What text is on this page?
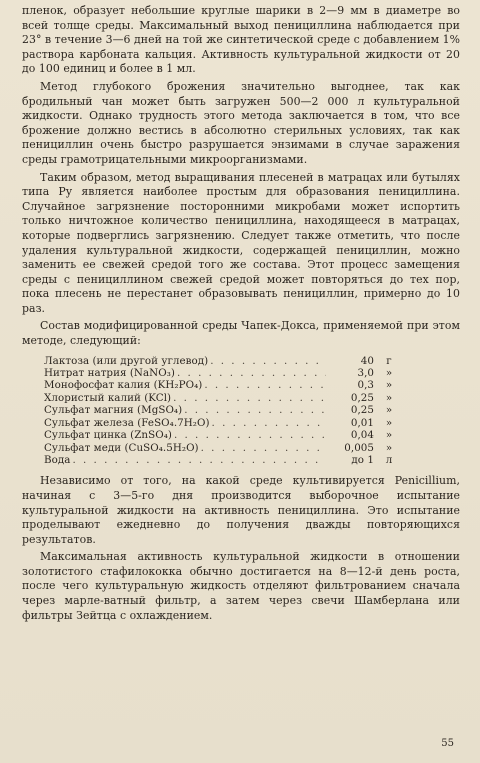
пленок, образует небольшие круглые шарики в 2—9 мм в диаметре во всей толще среды. Максимальный выход пенициллина наблюдается при 23° в течение 3—6 дней на той же синтетической среде с добавлением 1% раствора карбоната кальция. Активность культуральной жидкости от 20 до 100 единиц и более в 1 мл.

Метод глубокого брожения значительно выгоднее, так как бродильный чан может быть загружен 500—2 000 л культуральной жидкости. Однако трудность этого метода заключается в том, что все брожение должно вестись в абсолютно стерильных условиях, так как пенициллин очень быстро разрушается энзимами в случае заражения среды грамотрицательными микроорганизмами.

Таким образом, метод выращивания плесеней в матрацах или бутылях типа Ру является наиболее простым для образования пенициллина. Случайное загрязнение посторонними микробами может испортить только ничтожное количество пенициллина, находящееся в матрацах, которые подверглись загрязнению. Следует также отметить, что после удаления культуральной жидкости, содержащей пенициллин, можно заменить ее свежей средой того же состава. Этот процесс замещения среды с пенициллином свежей средой может повторяться до тех пор, пока плесень не перестанет образовывать пенициллин, примерно до 10 раз.

Состав модифицированной среды Чапек-Докса, применяемой при этом методе, следующий:

Лактоза (или другой углевод) . . .	40	г
Нитрат натрия (NaNO₃) . . .	3,0	»
Монофосфат калия (KH₂PO₄) . . .	0,3	»
Хлористый калий (KCl) . . .	0,25	»
Сульфат магния (MgSO₄) . . .	0,25	»
Сульфат железа (FeSO₄.7H₂O) . . .	0,01	»
Сульфат цинка (ZnSO₄) . . .	0,04	»
Сульфат меди (CuSO₄.5H₂O) . . .	0,005	»
Вода . . .	до 1	л

Независимо от того, на какой среде культивируется Penicillium, начиная с 3—5-го дня производится выборочное испытание культуральной жидкости на активность пенициллина. Это испытание проделывают ежедневно до получения дважды повторяющихся результатов.

Максимальная активность культуральной жидкости в отношении золотистого стафилококка обычно достигается на 8—12-й день роста, после чего культуральную жидкость отделяют фильтрованием сначала через марле-ватный фильтр, а затем через свечи Шамберлана или фильтры Зейтца с охлаждением.

55
